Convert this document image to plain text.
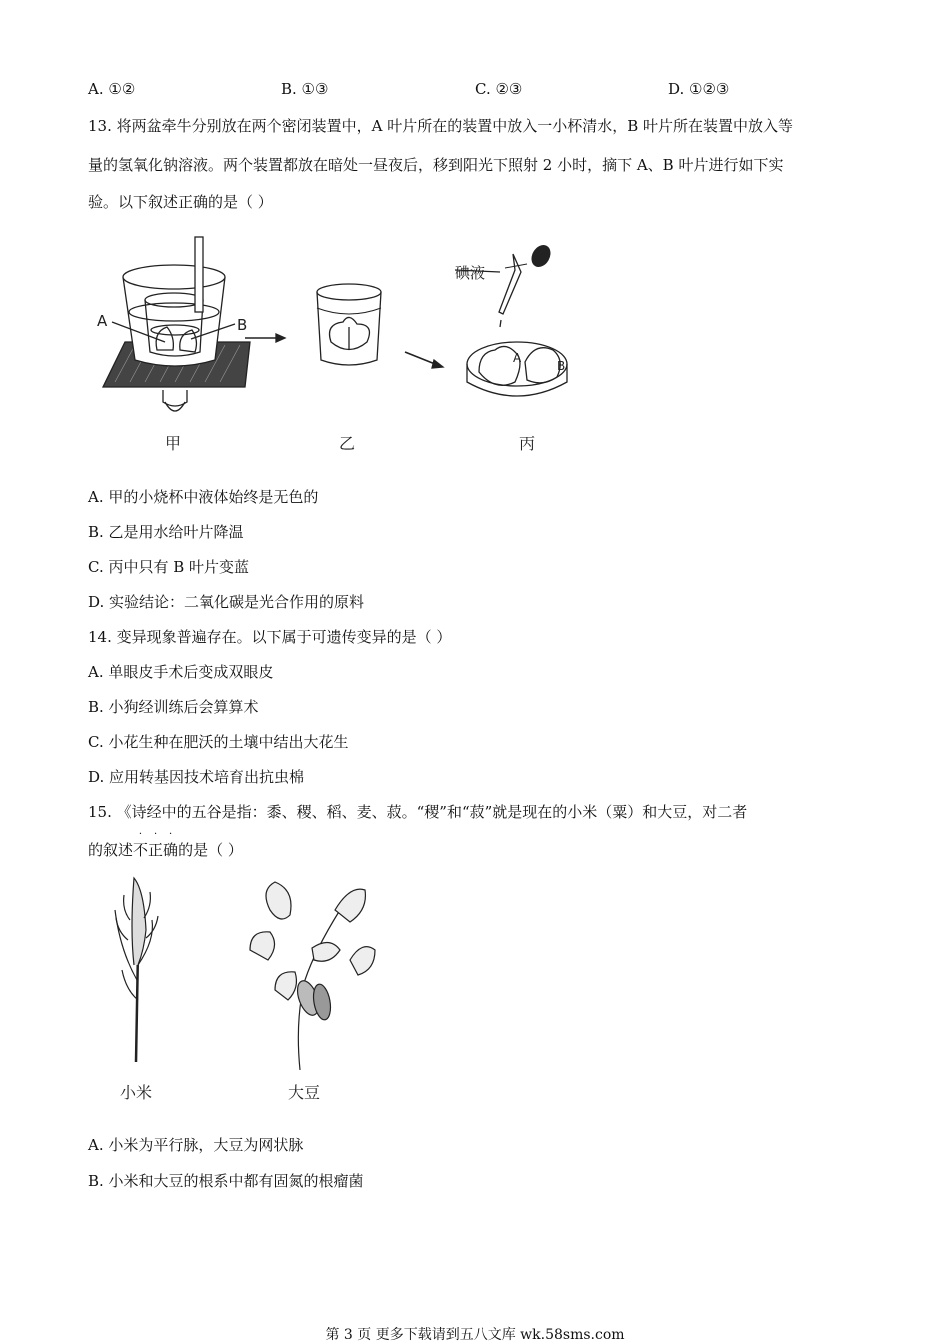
A. ①②	B. ①③	C. ②③	D. ①②③
13. 将两盆牵牛分别放在两个密闭装置中，A 叶片所在的装置中放入一小杯清水，B 叶片所在装置中放入等
量的氢氧化钠溶液。两个装置都放在暗处一昼夜后，移到阳光下照射 2 小时，摘下 A、B 叶片进行如下实
验。以下叙述正确的是（ ）
A	B
碘液
A
B
甲	乙	丙
A. 甲的小烧杯中液体始终是无色的
B. 乙是用水给叶片降温
C. 丙中只有 B 叶片变蓝
D. 实验结论：二氧化碳是光合作用的原料
14. 变异现象普遍存在。以下属于可遗传变异的是（ ）
A. 单眼皮手术后变成双眼皮
B. 小狗经训练后会算算术
C. 小花生种在肥沃的土壤中结出大花生
D. 应用转基因技术培育出抗虫棉
15. 《诗经中的五谷是指：黍、稷、稻、麦、菽。“稷”和“菽”就是现在的小米（粟）和大豆，对二者
的叙述
·
不
·
正
·
确的是（ ）
小米	大豆
A. 小米为平行脉，大豆为网状脉
B. 小米和大豆的根系中都有固氮的根瘤菌
第 3 页 更多下载请到五八文库 wk.58sms.com
